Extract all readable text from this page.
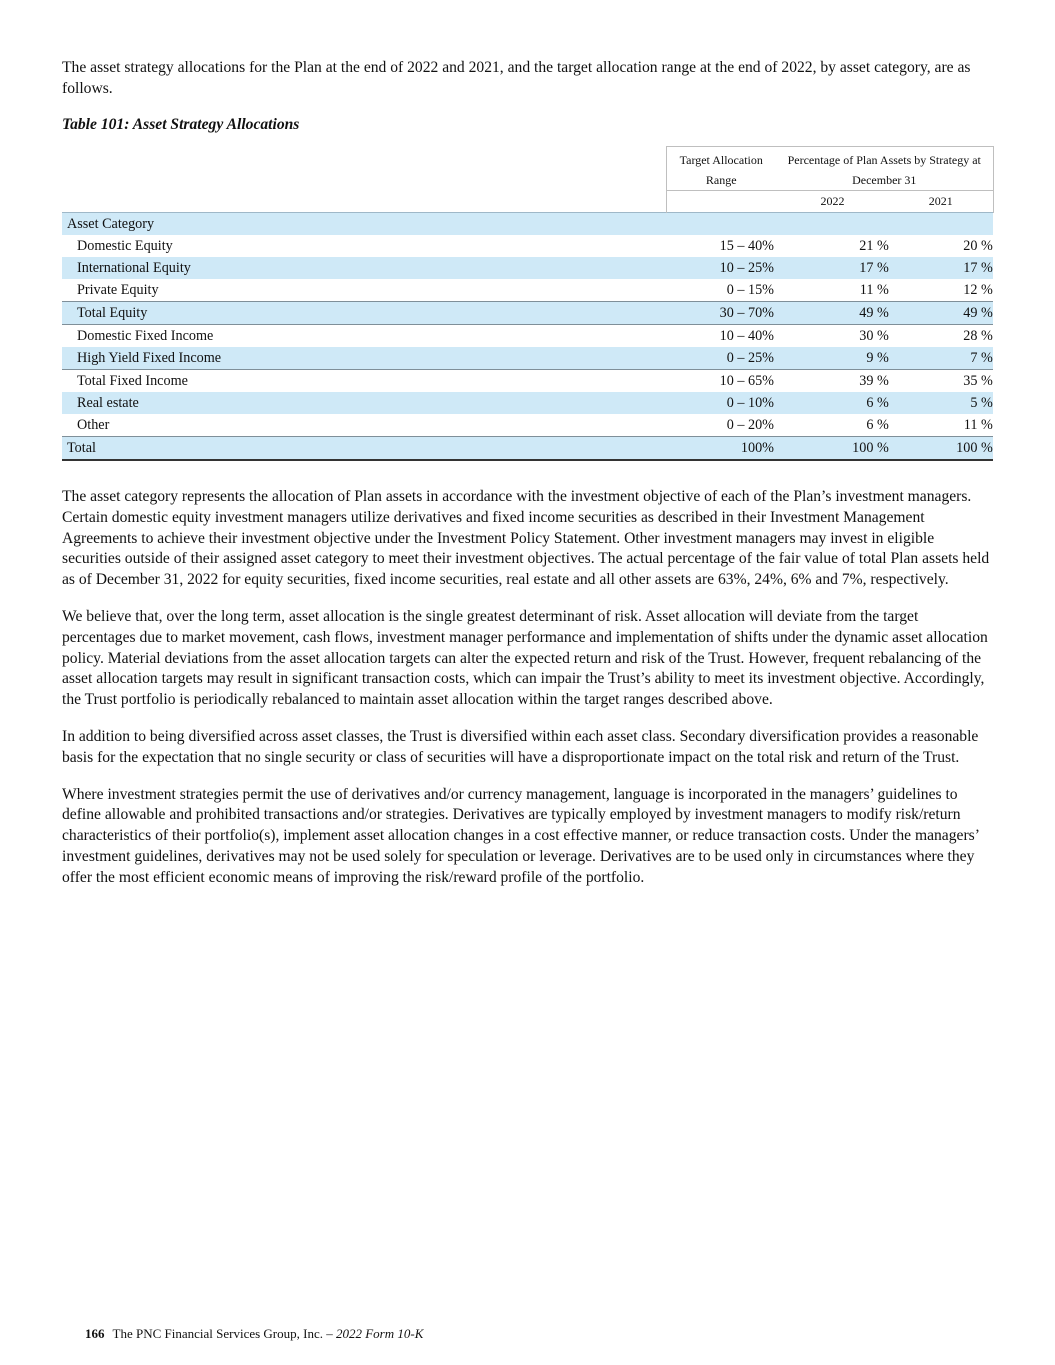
The asset strategy allocations for the Plan at the end of 2022 and 2021, and the target allocation range at the end of 2022, by asset category, are as follows.

Table 101: Asset Strategy Allocations
	Target Allocation Range	Percentage of Plan Assets by Strategy at December 31	
		2022	2021
Asset Category			
Domestic Equity	15 – 40%	21 %	20 %
International Equity	10 – 25%	17 %	17 %
Private Equity	0 – 15%	11 %	12 %
Total Equity	30 – 70%	49 %	49 %
Domestic Fixed Income	10 – 40%	30 %	28 %
High Yield Fixed Income	0 – 25%	9 %	7 %
Total Fixed Income	10 – 65%	39 %	35 %
Real estate	0 – 10%	6 %	5 %
Other	0 – 20%	6 %	11 %
Total	100%	100 %	100 %

The asset category represents the allocation of Plan assets in accordance with the investment objective of each of the Plan’s investment managers. Certain domestic equity investment managers utilize derivatives and fixed income securities as described in their Investment Management Agreements to achieve their investment objective under the Investment Policy Statement. Other investment managers may invest in eligible securities outside of their assigned asset category to meet their investment objectives. The actual percentage of the fair value of total Plan assets held as of December 31, 2022 for equity securities, fixed income securities, real estate and all other assets are 63%, 24%, 6% and 7%, respectively.

We believe that, over the long term, asset allocation is the single greatest determinant of risk. Asset allocation will deviate from the target percentages due to market movement, cash flows, investment manager performance and implementation of shifts under the dynamic asset allocation policy. Material deviations from the asset allocation targets can alter the expected return and risk of the Trust. However, frequent rebalancing of the asset allocation targets may result in significant transaction costs, which can impair the Trust’s ability to meet its investment objective. Accordingly, the Trust portfolio is periodically rebalanced to maintain asset allocation within the target ranges described above.

In addition to being diversified across asset classes, the Trust is diversified within each asset class. Secondary diversification provides a reasonable basis for the expectation that no single security or class of securities will have a disproportionate impact on the total risk and return of the Trust.

Where investment strategies permit the use of derivatives and/or currency management, language is incorporated in the managers’ guidelines to define allowable and prohibited transactions and/or strategies. Derivatives are typically employed by investment managers to modify risk/return characteristics of their portfolio(s), implement asset allocation changes in a cost effective manner, or reduce transaction costs. Under the managers’ investment guidelines, derivatives may not be used solely for speculation or leverage. Derivatives are to be used only in circumstances where they offer the most efficient economic means of improving the risk/reward profile of the portfolio.

166 The PNC Financial Services Group, Inc. – 2022 Form 10-K
